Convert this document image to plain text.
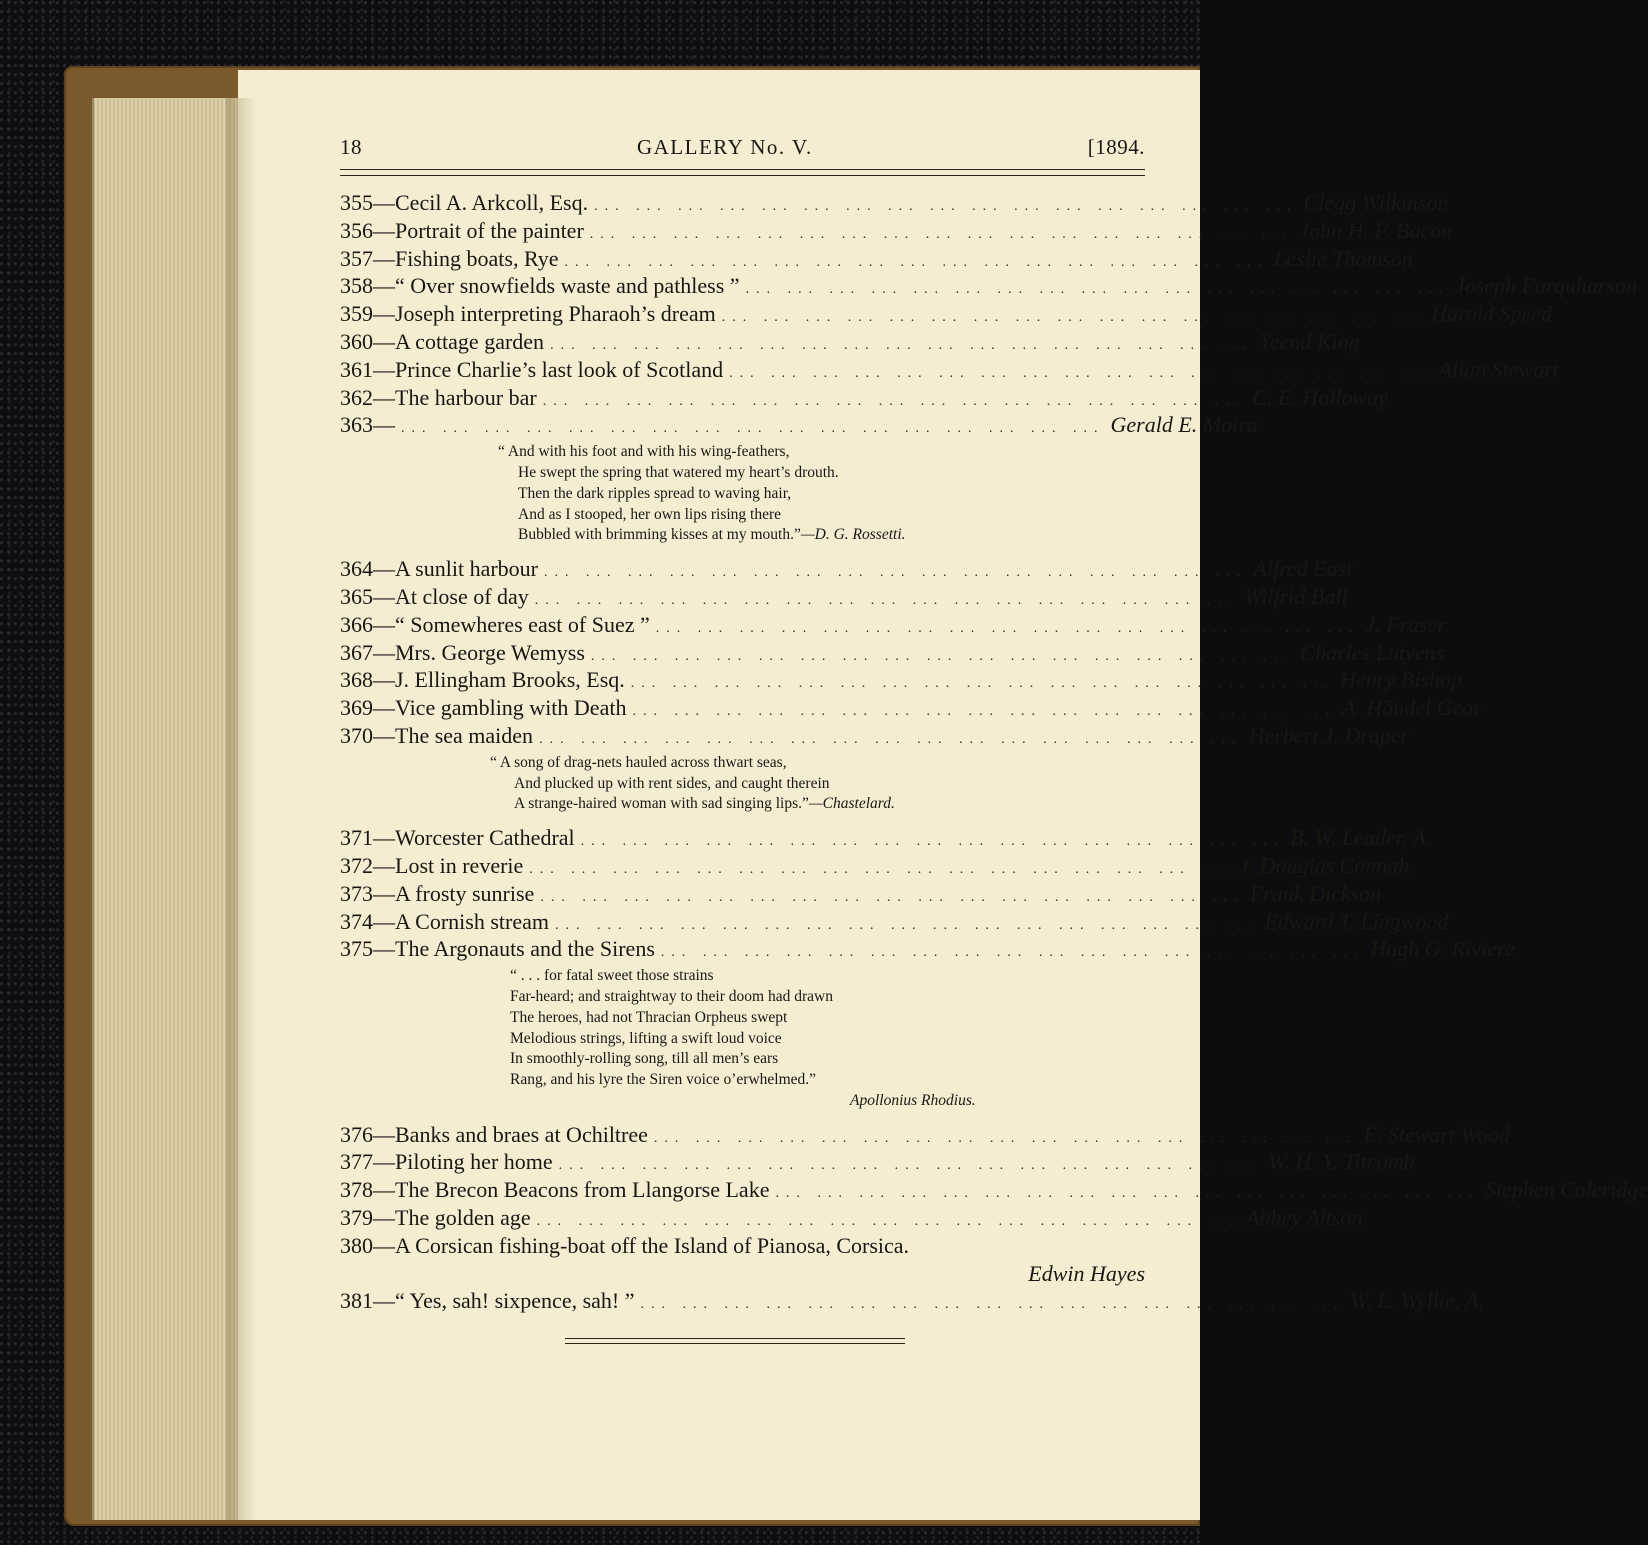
18	GALLERY No. V.	[1894.
355—Cecil A. Arkcoll, Esq. ... ... ... ... ... ... ... ... ... ... ... ... ... ... ... ... ... Clegg Wilkinson
356—Portrait of the painter ... ... ... ... ... ... ... ... ... ... ... ... ... ... ... ... ... John H. F. Bacon
357—Fishing boats, Rye ... ... ... ... ... ... ... ... ... ... ... ... ... ... ... ... ... Leslie Thomson
358—“ Over snowfields waste and pathless ” ... ... ... ... ... ... ... ... ... ... ... ... ... ... ... ... ... Joseph Farquharson
359—Joseph interpreting Pharaoh’s dream ... ... ... ... ... ... ... ... ... ... ... ... ... ... ... ... ... Harold Speed
360—A cottage garden ... ... ... ... ... ... ... ... ... ... ... ... ... ... ... ... ... Yeend King
361—Prince Charlie’s last look of Scotland ... ... ... ... ... ... ... ... ... ... ... ... ... ... ... ... ... Allan Stewart
362—The harbour bar ... ... ... ... ... ... ... ... ... ... ... ... ... ... ... ... ... C. E. Holloway
363— ... ... ... ... ... ... ... ... ... ... ... ... ... ... ... ... ... Gerald E. Moira
“ And with his foot and with his wing-feathers,
He swept the spring that watered my heart’s drouth.
Then the dark ripples spread to waving hair,
And as I stooped, her own lips rising there
Bubbled with brimming kisses at my mouth.”—D. G. Rossetti.
364—A sunlit harbour ... ... ... ... ... ... ... ... ... ... ... ... ... ... ... ... ... Alfred East
365—At close of day ... ... ... ... ... ... ... ... ... ... ... ... ... ... ... ... ... Wilfrid Ball
366—“ Somewheres east of Suez ” ... ... ... ... ... ... ... ... ... ... ... ... ... ... ... ... ... J. Fraser
367—Mrs. George Wemyss ... ... ... ... ... ... ... ... ... ... ... ... ... ... ... ... ... Charles Lutyens
368—J. Ellingham Brooks, Esq. ... ... ... ... ... ... ... ... ... ... ... ... ... ... ... ... ... Henry Bishop
369—Vice gambling with Death ... ... ... ... ... ... ... ... ... ... ... ... ... ... ... ... ... A. Händel Gear
370—The sea maiden ... ... ... ... ... ... ... ... ... ... ... ... ... ... ... ... ... Herbert J. Draper
“ A song of drag-nets hauled across thwart seas,
And plucked up with rent sides, and caught therein
A strange-haired woman with sad singing lips.”—Chastelard.
371—Worcester Cathedral ... ... ... ... ... ... ... ... ... ... ... ... ... ... ... ... ... B. W. Leader, A.
372—Lost in reverie ... ... ... ... ... ... ... ... ... ... ... ... ... ... ... ... ... J. Douglas Connah
373—A frosty sunrise ... ... ... ... ... ... ... ... ... ... ... ... ... ... ... ... ... Frank Dickson
374—A Cornish stream ... ... ... ... ... ... ... ... ... ... ... ... ... ... ... ... ... Edward T. Lingwood
375—The Argonauts and the Sirens ... ... ... ... ... ... ... ... ... ... ... ... ... ... ... ... ... Hugh G. Riviere
“ . . . for fatal sweet those strains
Far-heard; and straightway to their doom had drawn
The heroes, had not Thracian Orpheus swept
Melodious strings, lifting a swift loud voice
In smoothly-rolling song, till all men’s ears
Rang, and his lyre the Siren voice o’erwhelmed.”
Apollonius Rhodius.
376—Banks and braes at Ochiltree ... ... ... ... ... ... ... ... ... ... ... ... ... ... ... ... ... E. Stewart Wood
377—Piloting her home ... ... ... ... ... ... ... ... ... ... ... ... ... ... ... ... ... W. H. Y. Titcomb
378—The Brecon Beacons from Llangorse Lake ... ... ... ... ... ... ... ... ... ... ... ... ... ... ... ... ... Stephen Coleridge
379—The golden age ... ... ... ... ... ... ... ... ... ... ... ... ... ... ... ... ... Abbey Altson
380—A Corsican fishing-boat off the Island of Pianosa, Corsica.
Edwin Hayes
381—“ Yes, sah! sixpence, sah! ” ... ... ... ... ... ... ... ... ... ... ... ... ... ... ... ... ... W. L. Wyllie, A.
